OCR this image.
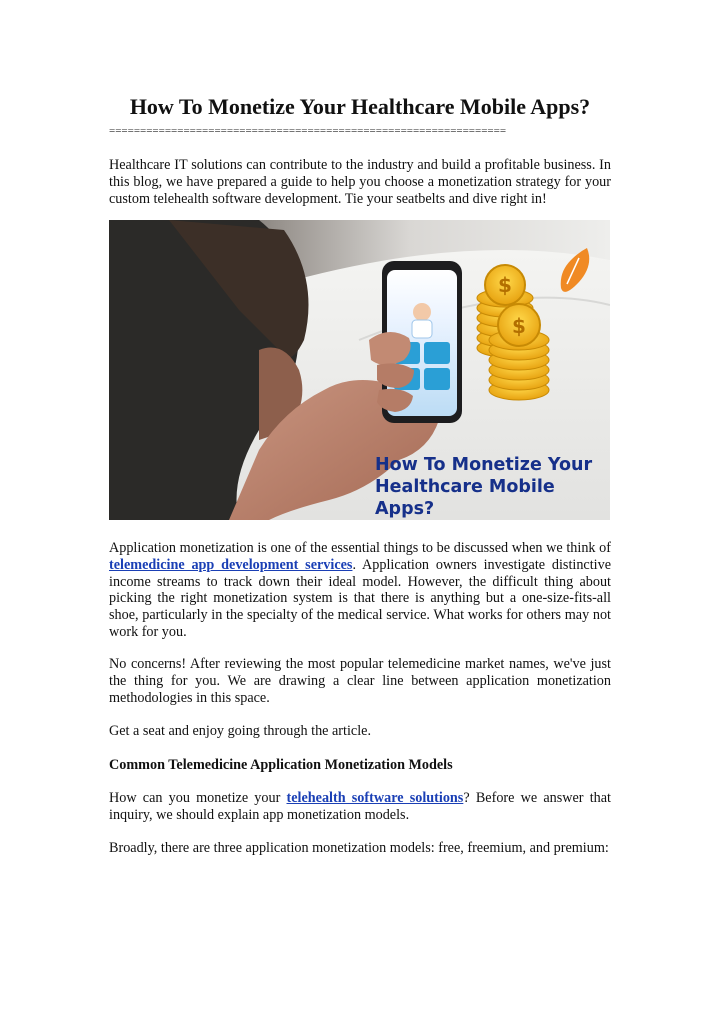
How To Monetize Your Healthcare Mobile Apps?
================================================================

Healthcare IT solutions can contribute to the industry and build a profitable business. In this blog, we have prepared a guide to help you choose a monetization strategy for your custom telehealth software development. Tie your seatbelts and dive right in!

$
$
How To Monetize Your
Healthcare Mobile Apps?

Application monetization is one of the essential things to be discussed when we think of telemedicine app development services. Application owners investigate distinctive income streams to track down their ideal model. However, the difficult thing about picking the right monetization system is that there is anything but a one-size-fits-all shoe, particularly in the specialty of the medical service. What works for others may not work for you.

No concerns! After reviewing the most popular telemedicine market names, we've just the thing for you. We are drawing a clear line between application monetization methodologies in this space.

Get a seat and enjoy going through the article.

Common Telemedicine Application Monetization Models

How can you monetize your telehealth software solutions? Before we answer that inquiry, we should explain app monetization models.

Broadly, there are three application monetization models: free, freemium, and premium:
